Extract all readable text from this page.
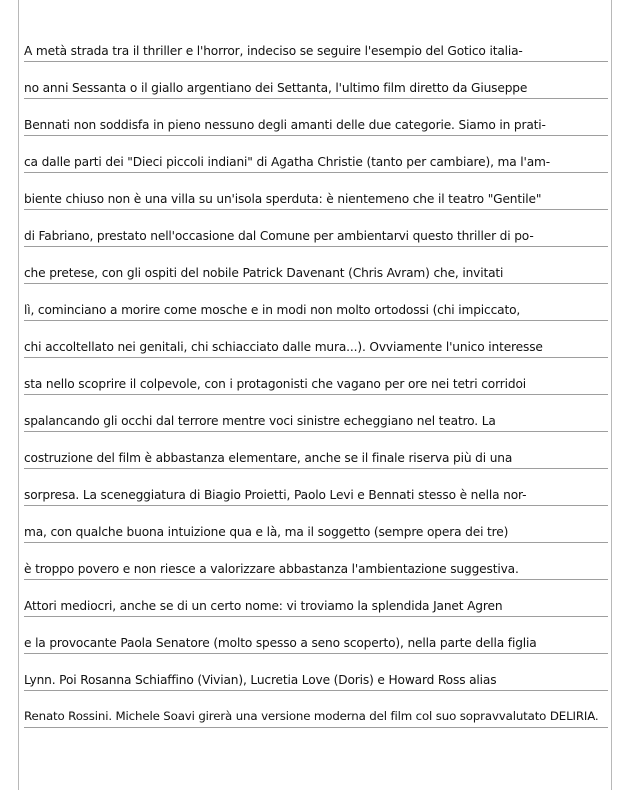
A metà strada tra il thriller e l'horror, indeciso se seguire l'esempio del Gotico italia-
no anni Sessanta o il giallo argentiano dei Settanta, l'ultimo film diretto da Giuseppe
Bennati non soddisfa in pieno nessuno degli amanti delle due categorie. Siamo in prati-
ca dalle parti dei "Dieci piccoli indiani" di Agatha Christie (tanto per cambiare), ma l'am-
biente chiuso non è una villa su un'isola sperduta: è nientemeno che il teatro "Gentile"
di Fabriano, prestato nell'occasione dal Comune per ambientarvi questo thriller di po-
che pretese, con gli ospiti del nobile Patrick Davenant (Chris Avram) che, invitati
lì, cominciano a morire come mosche e in modi non molto ortodossi (chi impiccato,
chi accoltellato nei genitali, chi schiacciato dalle mura...). Ovviamente l'unico interesse
sta nello scoprire il colpevole, con i protagonisti che vagano per ore nei tetri corridoi
spalancando gli occhi dal terrore mentre voci sinistre echeggiano nel teatro. La
costruzione del film è abbastanza elementare, anche se il finale riserva più di una
sorpresa. La sceneggiatura di Biagio Proietti, Paolo Levi e Bennati stesso è nella nor-
ma, con qualche buona intuizione qua e là, ma il soggetto (sempre opera dei tre)
è troppo povero e non riesce a valorizzare abbastanza l'ambientazione suggestiva.
Attori mediocri, anche se di un certo nome: vi troviamo la splendida Janet Agren
e la provocante Paola Senatore (molto spesso a seno scoperto), nella parte della figlia
Lynn. Poi Rosanna Schiaffino (Vivian), Lucretia Love (Doris) e Howard Ross alias
Renato Rossini. Michele Soavi girerà una versione moderna del film col suo sopravvalutato DELIRIA.
